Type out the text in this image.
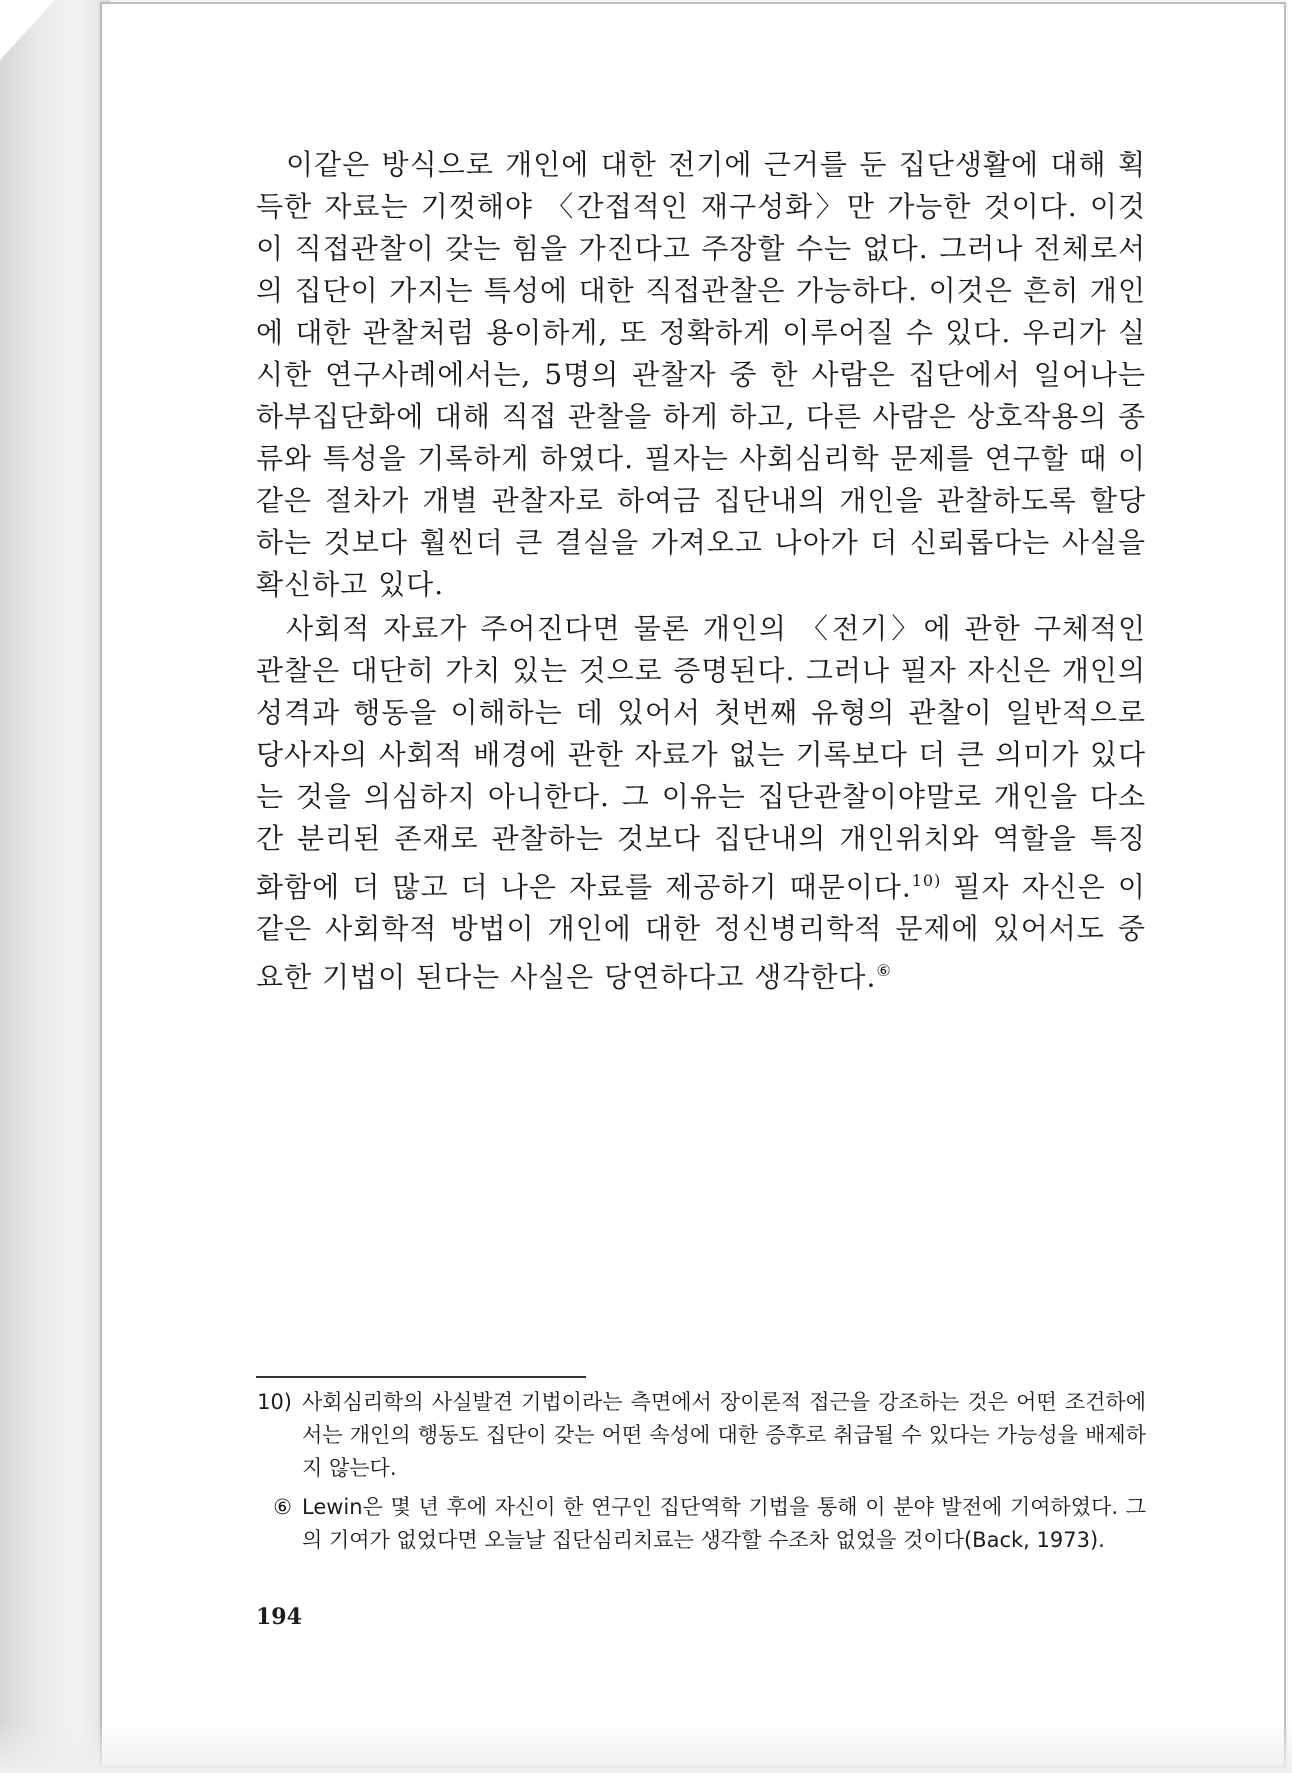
이같은 방식으로 개인에 대한 전기에 근거를 둔 집단생활에 대해 획득한 자료는 기껏해야 〈간접적인 재구성화〉만 가능한 것이다. 이것이 직접관찰이 갖는 힘을 가진다고 주장할 수는 없다. 그러나 전체로서의 집단이 가지는 특성에 대한 직접관찰은 가능하다. 이것은 흔히 개인에 대한 관찰처럼 용이하게, 또 정확하게 이루어질 수 있다. 우리가 실시한 연구사례에서는, 5명의 관찰자 중 한 사람은 집단에서 일어나는 하부집단화에 대해 직접 관찰을 하게 하고, 다른 사람은 상호작용의 종류와 특성을 기록하게 하였다. 필자는 사회심리학 문제를 연구할 때 이같은 절차가 개별 관찰자로 하여금 집단내의 개인을 관찰하도록 할당하는 것보다 훨씬더 큰 결실을 가져오고 나아가 더 신뢰롭다는 사실을 확신하고 있다.

사회적 자료가 주어진다면 물론 개인의 〈전기〉에 관한 구체적인 관찰은 대단히 가치 있는 것으로 증명된다. 그러나 필자 자신은 개인의 성격과 행동을 이해하는 데 있어서 첫번째 유형의 관찰이 일반적으로 당사자의 사회적 배경에 관한 자료가 없는 기록보다 더 큰 의미가 있다는 것을 의심하지 아니한다. 그 이유는 집단관찰이야말로 개인을 다소간 분리된 존재로 관찰하는 것보다 집단내의 개인위치와 역할을 특징화함에 더 많고 더 나은 자료를 제공하기 때문이다.$^{10)}$ 필자 자신은 이같은 사회학적 방법이 개인에 대한 정신병리학적 문제에 있어서도 중요한 기법이 된다는 사실은 당연하다고 생각한다.⑥

10) 사회심리학의 사실발견 기법이라는 측면에서 장이론적 접근을 강조하는 것은 어떤 조건하에서는 개인의 행동도 집단이 갖는 어떤 속성에 대한 증후로 취급될 수 있다는 가능성을 배제하지 않는다.
⑥ Lewin은 몇 년 후에 자신이 한 연구인 집단역학 기법을 통해 이 분야 발전에 기여하였다. 그의 기여가 없었다면 오늘날 집단심리치료는 생각할 수조차 없었을 것이다(Back, 1973).
194
